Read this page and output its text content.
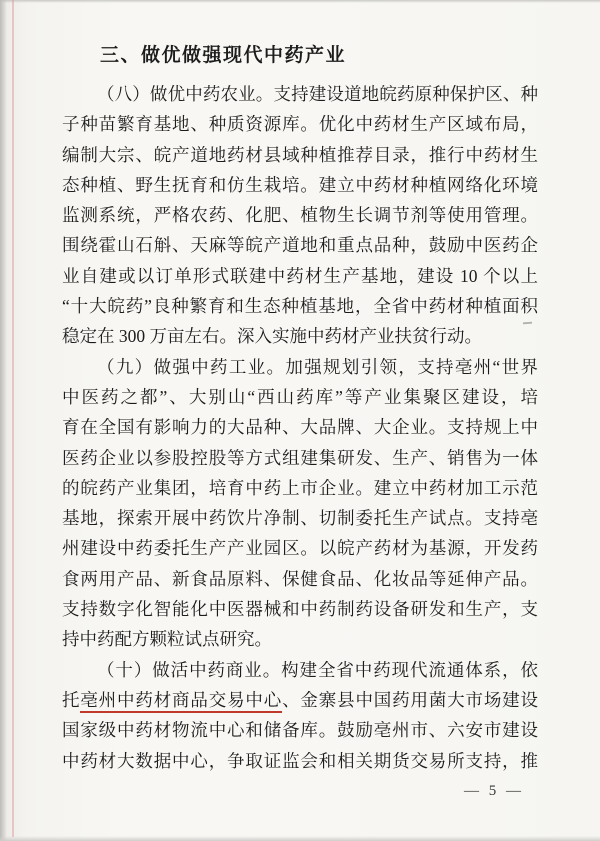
三、做优做强现代中药产业
（八）做优中药农业。支持建设道地皖药原种保护区、种
子种苗繁育基地、种质资源库。优化中药材生产区域布局，
编制大宗、皖产道地药材县域种植推荐目录，推行中药材生
态种植、野生抚育和仿生栽培。建立中药材种植网络化环境
监测系统，严格农药、化肥、植物生长调节剂等使用管理。
围绕霍山石斛、天麻等皖产道地和重点品种，鼓励中医药企
业自建或以订单形式联建中药材生产基地，建设 10 个以上
“十大皖药”良种繁育和生态种植基地，全省中药材种植面积
稳定在 300 万亩左右。深入实施中药材产业扶贫行动。
（九）做强中药工业。加强规划引领，支持亳州“世界
中医药之都”、大别山“西山药库”等产业集聚区建设，培
育在全国有影响力的大品种、大品牌、大企业。支持规上中
医药企业以参股控股等方式组建集研发、生产、销售为一体
的皖药产业集团，培育中药上市企业。建立中药材加工示范
基地，探索开展中药饮片净制、切制委托生产试点。支持亳
州建设中药委托生产产业园区。以皖产药材为基源，开发药
食两用产品、新食品原料、保健食品、化妆品等延伸产品。
支持数字化智能化中医器械和中药制药设备研发和生产，支
持中药配方颗粒试点研究。
（十）做活中药商业。构建全省中药现代流通体系，依
托亳州中药材商品交易中心、金寨县中国药用菌大市场建设
国家级中药材物流中心和储备库。鼓励亳州市、六安市建设
中药材大数据中心，争取证监会和相关期货交易所支持，推
— 5 —
